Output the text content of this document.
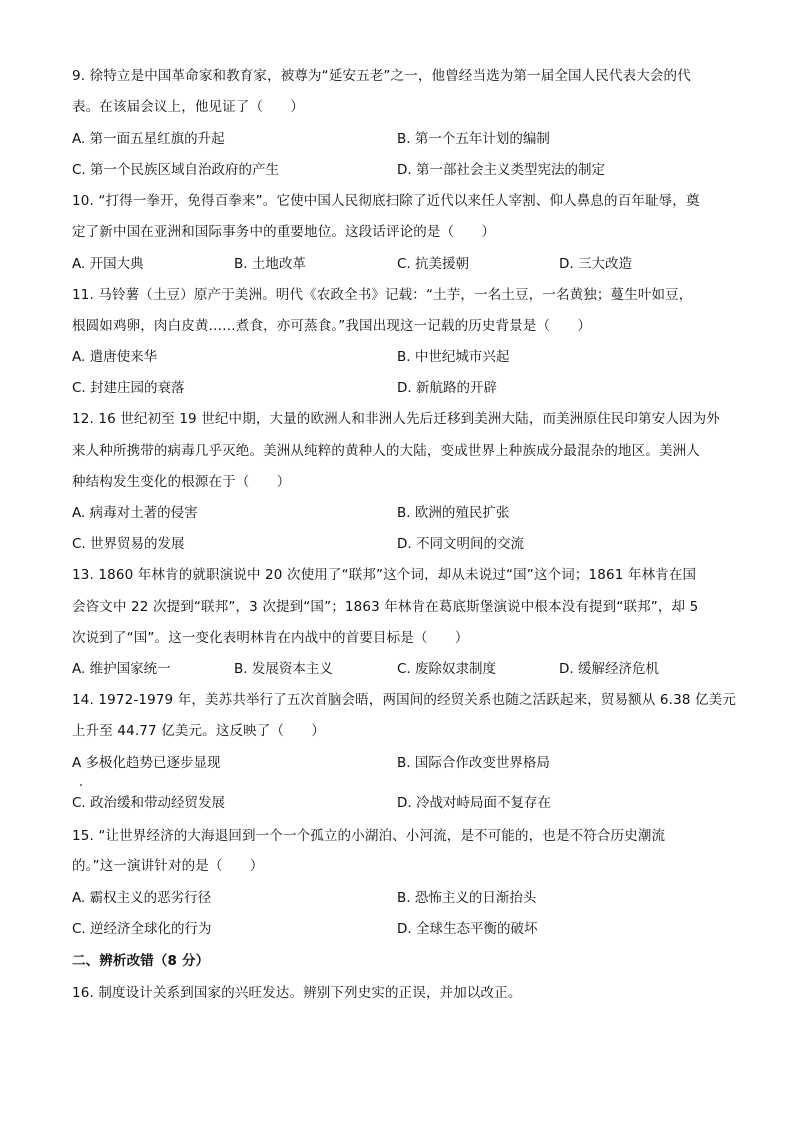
9. 徐特立是中国革命家和教育家，被尊为“延安五老”之一，他曾经当选为第一届全国人民代表大会的代
表。在该届会议上，他见证了（　　）
A. 第一面五星红旗的升起	B. 第一个五年计划的编制
C. 第一个民族区域自治政府的产生	D. 第一部社会主义类型宪法的制定
10. “打得一拳开，免得百拳来”。它使中国人民彻底扫除了近代以来任人宰割、仰人鼻息的百年耻辱，奠
定了新中国在亚洲和国际事务中的重要地位。这段话评论的是（　　）
A. 开国大典	B. 土地改革	C. 抗美援朝	D. 三大改造
11. 马铃薯（土豆）原产于美洲。明代《农政全书》记载：“土芋，一名土豆，一名黄独；蔓生叶如豆，
根圆如鸡卵，肉白皮黄……煮食，亦可蒸食。”我国出现这一记载的历史背景是（　　）
A. 遣唐使来华	B. 中世纪城市兴起
C. 封建庄园的衰落	D. 新航路的开辟
12. 16 世纪初至 19 世纪中期，大量的欧洲人和非洲人先后迁移到美洲大陆，而美洲原住民印第安人因为外
来人种所携带的病毒几乎灭绝。美洲从纯粹的黄种人的大陆，变成世界上种族成分最混杂的地区。美洲人
种结构发生变化的根源在于（　　）
A. 病毒对土著的侵害	B. 欧洲的殖民扩张
C. 世界贸易的发展	D. 不同文明间的交流
13. 1860 年林肯的就职演说中 20 次使用了“联邦”这个词，却从未说过“国”这个词；1861 年林肯在国
会咨文中 22 次提到“联邦”，3 次提到“国”；1863 年林肯在葛底斯堡演说中根本没有提到“联邦”，却 5
次说到了“国”。这一变化表明林肯在内战中的首要目标是（　　）
A. 维护国家统一	B. 发展资本主义	C. 废除奴隶制度	D. 缓解经济危机
14. 1972-1979 年，美苏共举行了五次首脑会晤，两国间的经贸关系也随之活跃起来，贸易额从 6.38 亿美元
上升至 44.77 亿美元。这反映了（　　）
A 多极化趋势已逐步显现	B. 国际合作改变世界格局
C. 政治缓和带动经贸发展	D. 冷战对峙局面不复存在
15. “让世界经济的大海退回到一个一个孤立的小湖泊、小河流，是不可能的，也是不符合历史潮流
的。”这一演讲针对的是（　　）
A. 霸权主义的恶劣行径	B. 恐怖主义的日渐抬头
C. 逆经济全球化的行为	D. 全球生态平衡的破坏
二、辨析改错（8 分）
16. 制度设计关系到国家的兴旺发达。辨别下列史实的正误，并加以改正。
